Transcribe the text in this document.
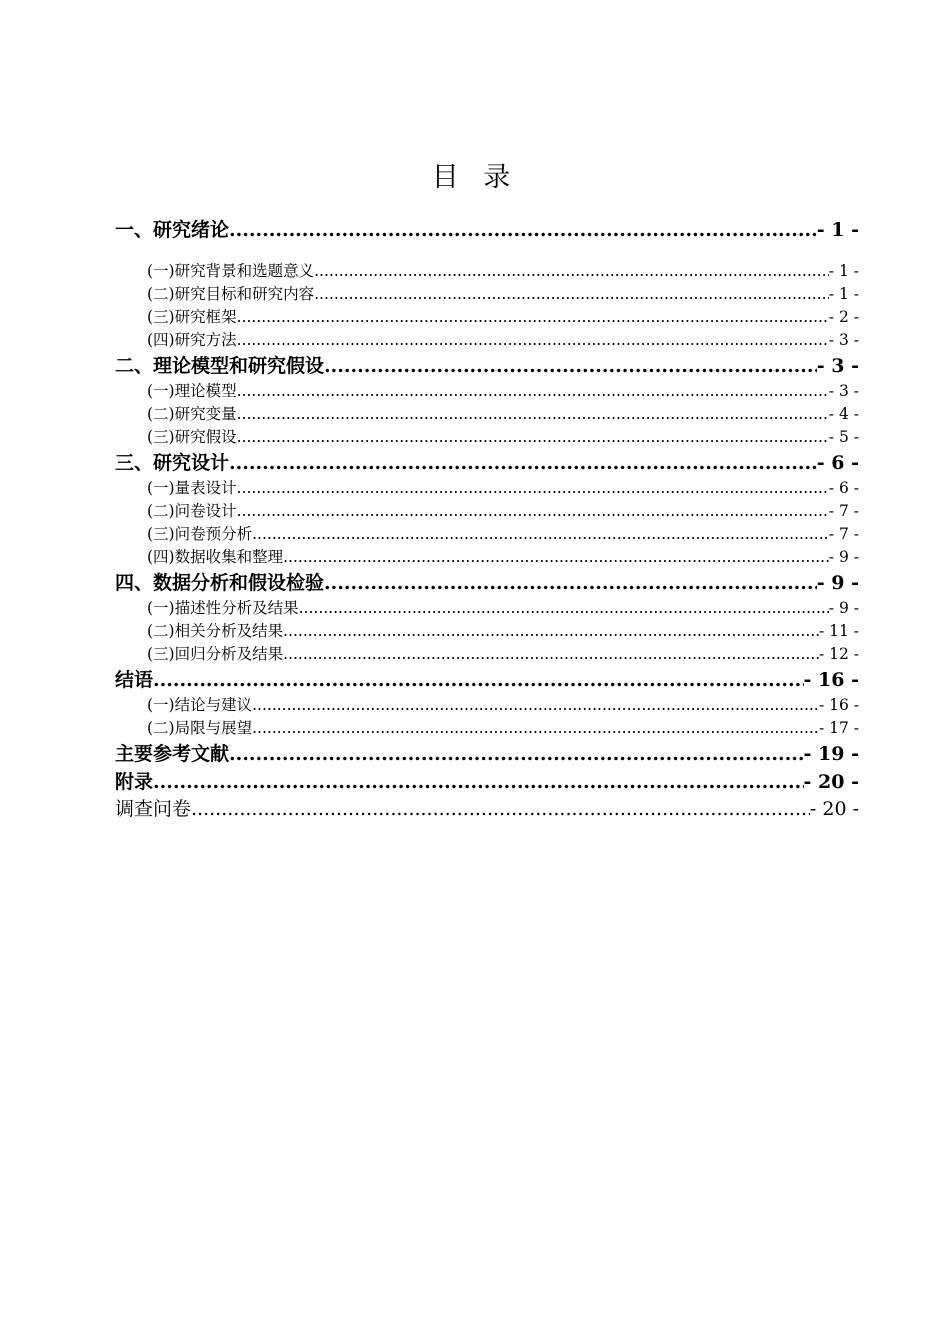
目 录
一、 研究绪论 .....	- 1 -
(一) 研究背景和选题意义 .....	- 1 -
(二) 研究目标和研究内容 .....	- 1 -
(三) 研究框架 .....	- 2 -
(四) 研究方法 .....	- 3 -
二、 理论模型和研究假设 .....	- 3 -
(一) 理论模型 .....	- 3 -
(二) 研究变量 .....	- 4 -
(三) 研究假设 .....	- 5 -
三、 研究设计 .....	- 6 -
(一) 量表设计 .....	- 6 -
(二) 问卷设计 .....	- 7 -
(三) 问卷预分析 .....	- 7 -
(四) 数据收集和整理 .....	- 9 -
四、 数据分析和假设检验 .....	- 9 -
(一) 描述性分析及结果 .....	- 9 -
(二) 相关分析及结果 .....	- 11 -
(三) 回归分析及结果 .....	- 12 -
结语 .....	- 16 -
(一) 结论与建议 .....	- 16 -
(二) 局限与展望 .....	- 17 -
主要参考文献 .....	- 19 -
附录 .....	- 20 -
调查问卷 .....	- 20 -
